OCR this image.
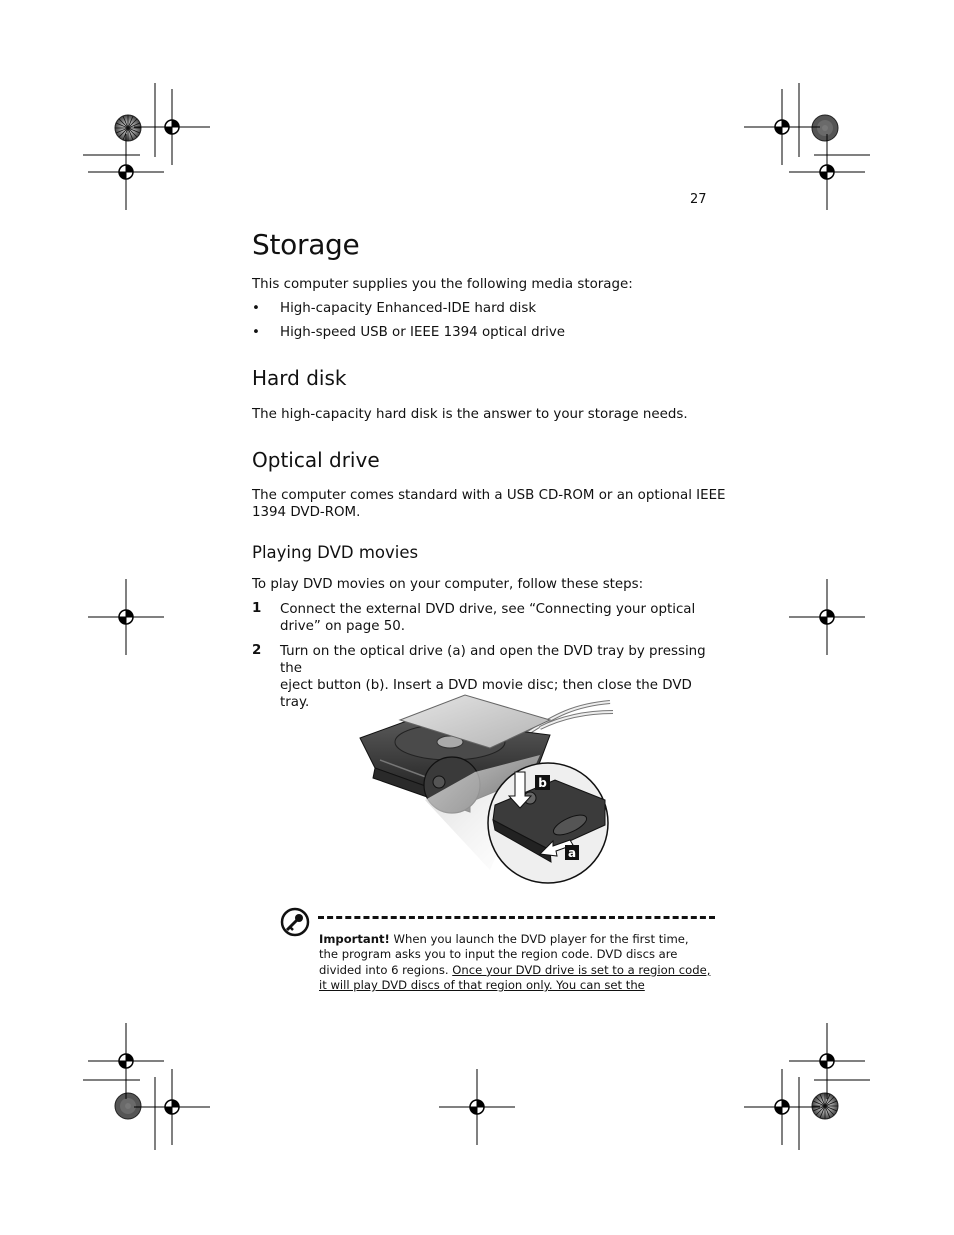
27
Storage
This computer supplies you the following media storage:
• High-capacity Enhanced-IDE hard disk
• High-speed USB or IEEE 1394 optical drive
Hard disk
The high-capacity hard disk is the answer to your storage needs.
Optical drive
The computer comes standard with a USB CD-ROM or an optional IEEE
1394 DVD-ROM.
Playing DVD movies
To play DVD movies on your computer, follow these steps:
1 Connect the external DVD drive, see “Connecting your optical
drive” on page 50.
2 Turn on the optical drive (a) and open the DVD tray by pressing the
eject button (b). Insert a DVD movie disc; then close the DVD tray.
b
a
Important! When you launch the DVD player for the first time, the program asks you to input the region code. DVD discs are divided into 6 regions. Once your DVD drive is set to a region code, it will play DVD discs of that region only. You can set the
